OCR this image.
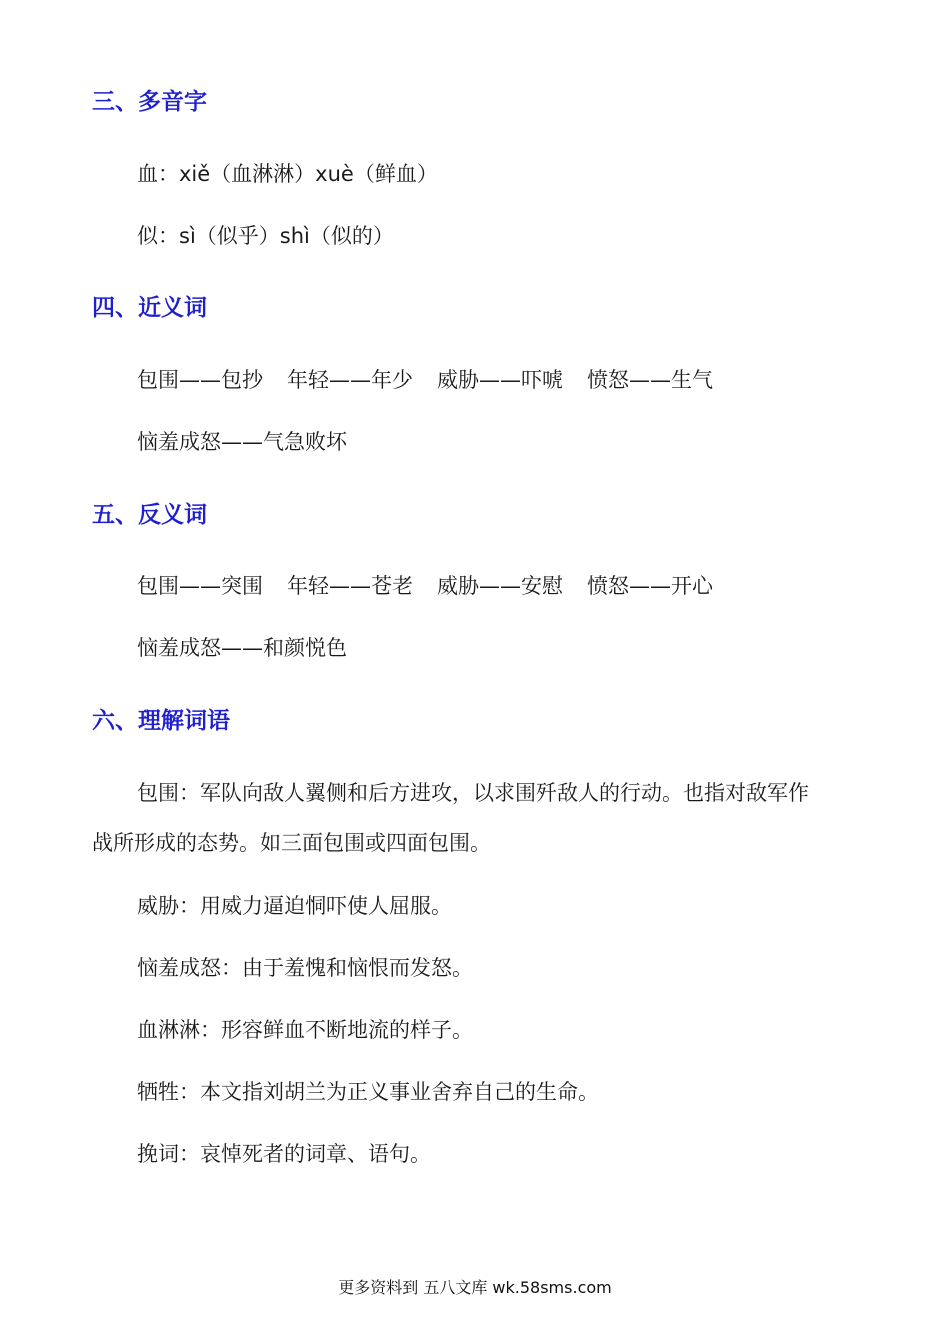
三、多音字
血：xiě（血淋淋）xuè（鲜血）
似：sì（似乎）shì（似的）
四、近义词
包围——包抄 年轻——年少 威胁——吓唬 愤怒——生气
恼羞成怒——气急败坏
五、反义词
包围——突围 年轻——苍老 威胁——安慰 愤怒——开心
恼羞成怒——和颜悦色
六、理解词语
包围：军队向敌人翼侧和后方进攻，以求围歼敌人的行动。也指对敌军作
战所形成的态势。如三面包围或四面包围。
威胁：用威力逼迫恫吓使人屈服。
恼羞成怒：由于羞愧和恼恨而发怒。
血淋淋：形容鲜血不断地流的样子。
牺牲：本文指刘胡兰为正义事业舍弃自己的生命。
挽词：哀悼死者的词章、语句。
更多资料到 五八文库 wk.58sms.com
